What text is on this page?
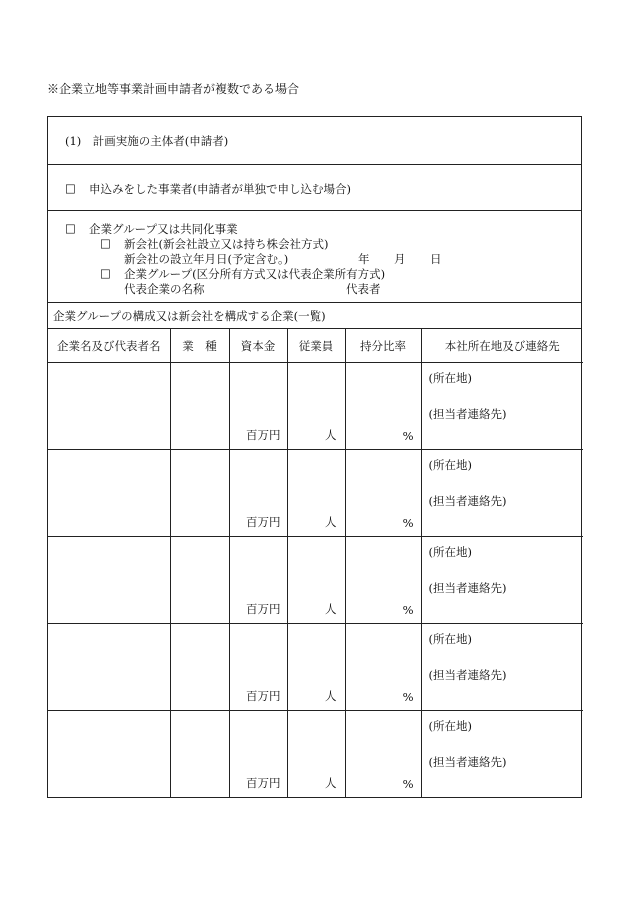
※企業立地等事業計画申請者が複数である場合
(1)　計画実施の主体者(申請者)
□ 申込みをした事業者(申請者が単独で申し込む場合)
□ 企業グループ又は共同化事業
□ 新会社(新会社設立又は持ち株会社方式)
新会社の設立年月日(予定含む。)	年 月 日
□ 企業グループ(区分所有方式又は代表企業所有方式)
代表企業の名称	代表者
企業グループの構成又は新会社を構成する企業(一覧)
企業名及び代表者名	業　種	資本金	従業員	持分比率	本社所在地及び連絡先

		百万円	人	%	(所在地)
(担当者連絡先)

		百万円	人	%	(所在地)
(担当者連絡先)

		百万円	人	%	(所在地)
(担当者連絡先)

		百万円	人	%	(所在地)
(担当者連絡先)

		百万円	人	%	(所在地)
(担当者連絡先)
